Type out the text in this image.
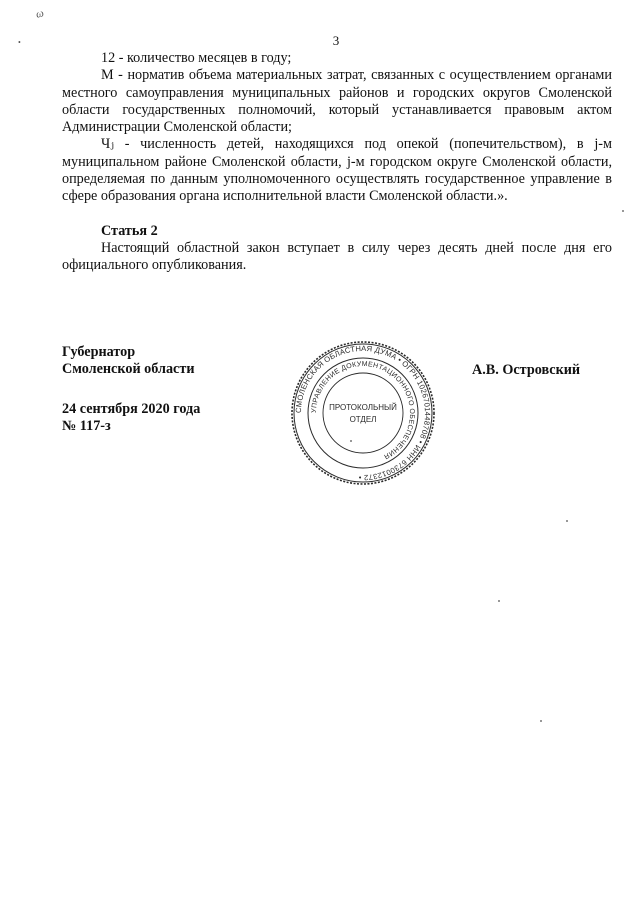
ω
•	3

12 - количество месяцев в году;

М - норматив объема материальных затрат, связанных с осуществлением органами местного самоуправления муниципальных районов и городских округов Смоленской области государственных полномочий, который устанавливается правовым актом Администрации Смоленской области;

Чⱼ - численность детей, находящихся под опекой (попечительством), в j-м муниципальном районе Смоленской области, j-м городском округе Смоленской области, определяемая по данным уполномоченного осуществлять государственное управление в сфере образования органа исполнительной власти Смоленской области.».

Статья 2

Настоящий областной закон вступает в силу через десять дней после дня его официального опубликования.

Губернатор
Смоленской области
24 сентября 2020 года
№ 117-з
А.В. Островский
СМОЛЕНСКАЯ ОБЛАСТНАЯ ДУМА • ОГРН 1026701448708 • ИНН 6730012372 •
УПРАВЛЕНИЕ ДОКУМЕНТАЦИОННОГО ОБЕСПЕЧЕНИЯ
ПРОТОКОЛЬНЫЙ
ОТДЕЛ
